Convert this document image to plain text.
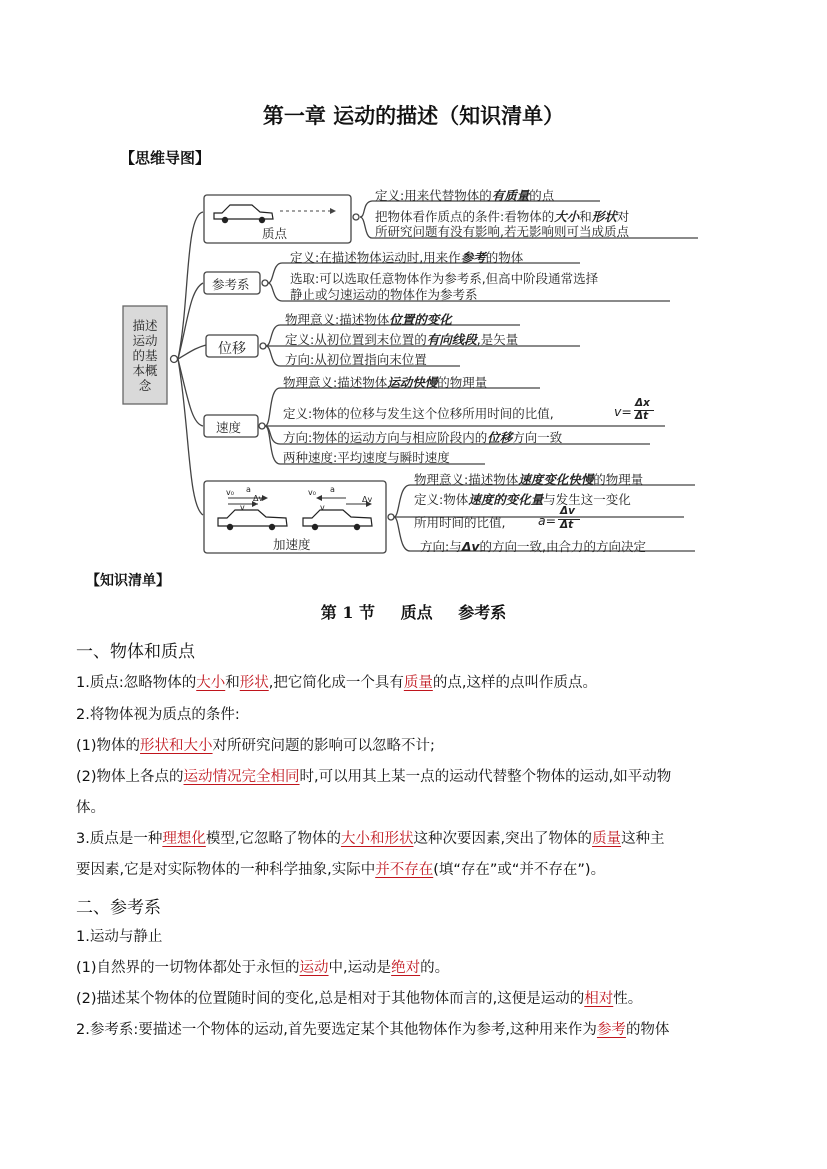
第一章 运动的描述（知识清单）
【思维导图】
v₀ a
Δv
v
v₀ a
v
Δv
描述
运动
的基
本概
念
质点
参考系
位移
速度
加速度
定义:用来代替物体的有质量的点
把物体看作质点的条件:看物体的大小和形状对
所研究问题有没有影响,若无影响则可当成质点
定义:在描述物体运动时,用来作参考的物体
选取:可以选取任意物体作为参考系,但高中阶段通常选择
静止或匀速运动的物体作为参考系
物理意义:描述物体位置的变化
定义:从初位置到末位置的有向线段,是矢量
方向:从初位置指向末位置
物理意义:描述物体运动快慢的物理量
定义:物体的位移与发生这个位移所用时间的比值,	v=
Δx
Δt
方向:物体的运动方向与相应阶段内的位移方向一致
两种速度:平均速度与瞬时速度
物理意义:描述物体速度变化快慢的物理量
定义:物体速度的变化量与发生这一变化
所用时间的比值,	a=
Δv
Δt
方向:与Δv的方向一致,由合力的方向决定
【知识清单】
第 1 节 质点 参考系
一、物体和质点
1.质点:忽略物体的大小和形状,把它简化成一个具有质量的点,这样的点叫作质点。
2.将物体视为质点的条件:
(1)物体的形状和大小对所研究问题的影响可以忽略不计;
(2)物体上各点的运动情况完全相同时,可以用其上某一点的运动代替整个物体的运动,如平动物
体。
3.质点是一种理想化模型,它忽略了物体的大小和形状这种次要因素,突出了物体的质量这种主
要因素,它是对实际物体的一种科学抽象,实际中并不存在(填“存在”或“并不存在”)。
二、参考系
1.运动与静止
(1)自然界的一切物体都处于永恒的运动中,运动是绝对的。
(2)描述某个物体的位置随时间的变化,总是相对于其他物体而言的,这便是运动的相对性。
2.参考系:要描述一个物体的运动,首先要选定某个其他物体作为参考,这种用来作为参考的物体
